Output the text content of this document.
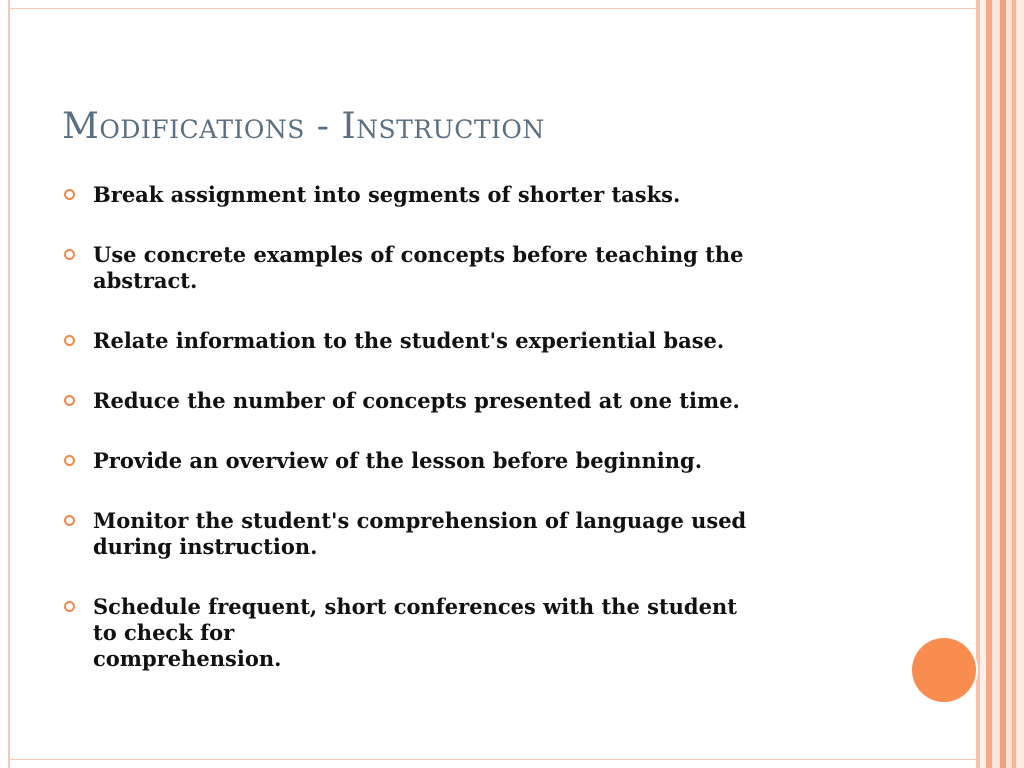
Modifications - Instruction
Break assignment into segments of shorter tasks.
Use concrete examples of concepts before teaching the
abstract.
Relate information to the student's experiential base.
Reduce the number of concepts presented at one time.
Provide an overview of the lesson before beginning.
Monitor the student's comprehension of language used
during instruction.
Schedule frequent, short conferences with the student
to check for
comprehension.
